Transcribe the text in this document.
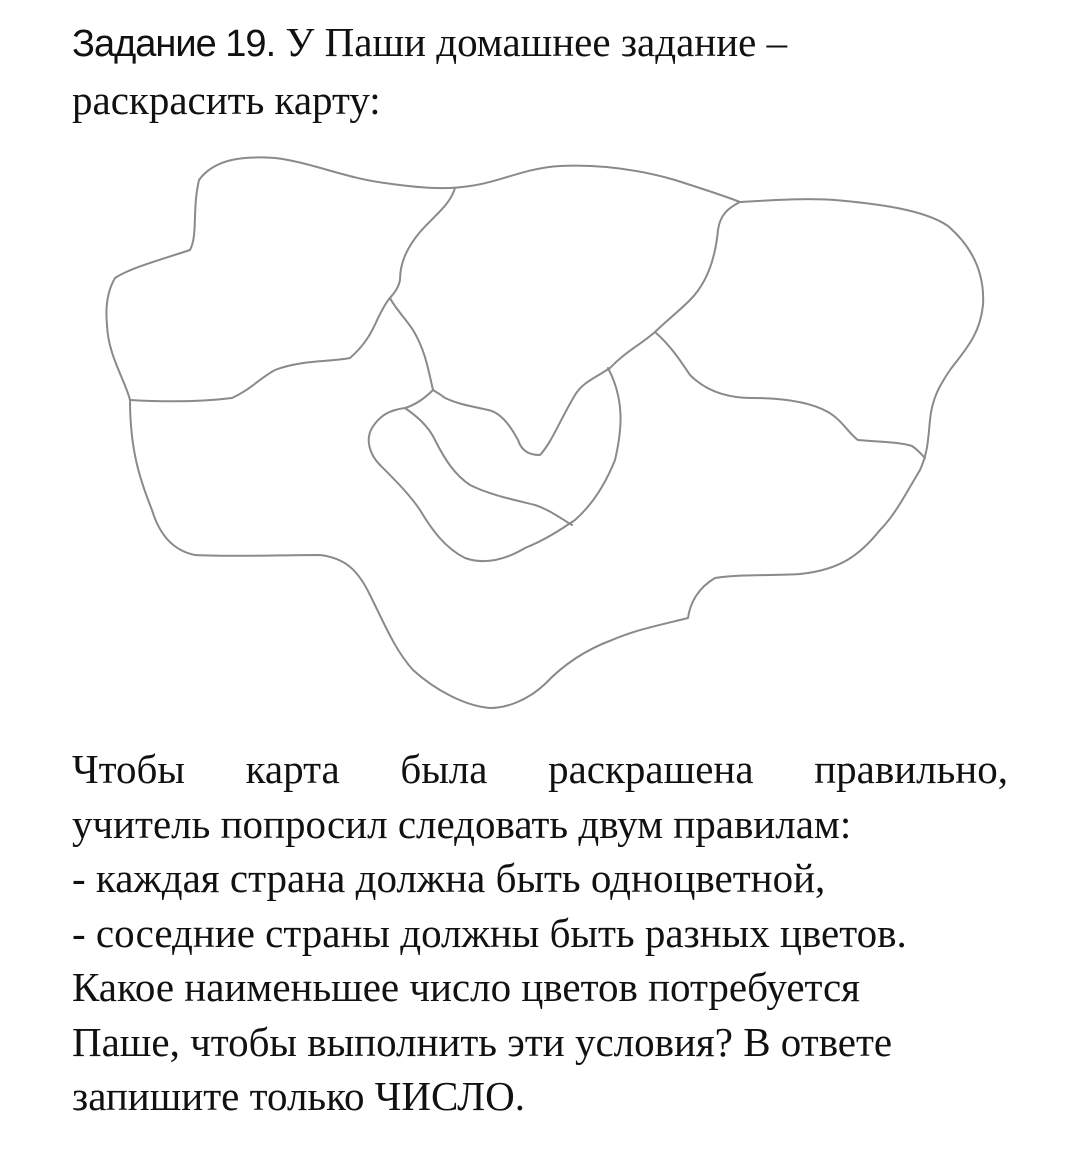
Задание 19. У Паши домашнее задание –
раскрасить карту:
Чтобы карта была раскрашена правильно,
учитель попросил следовать двум правилам:
- каждая страна должна быть одноцветной,
- соседние страны должны быть разных цветов.
Какое наименьшее число цветов потребуется
Паше, чтобы выполнить эти условия? В ответе
запишите только ЧИСЛО.
